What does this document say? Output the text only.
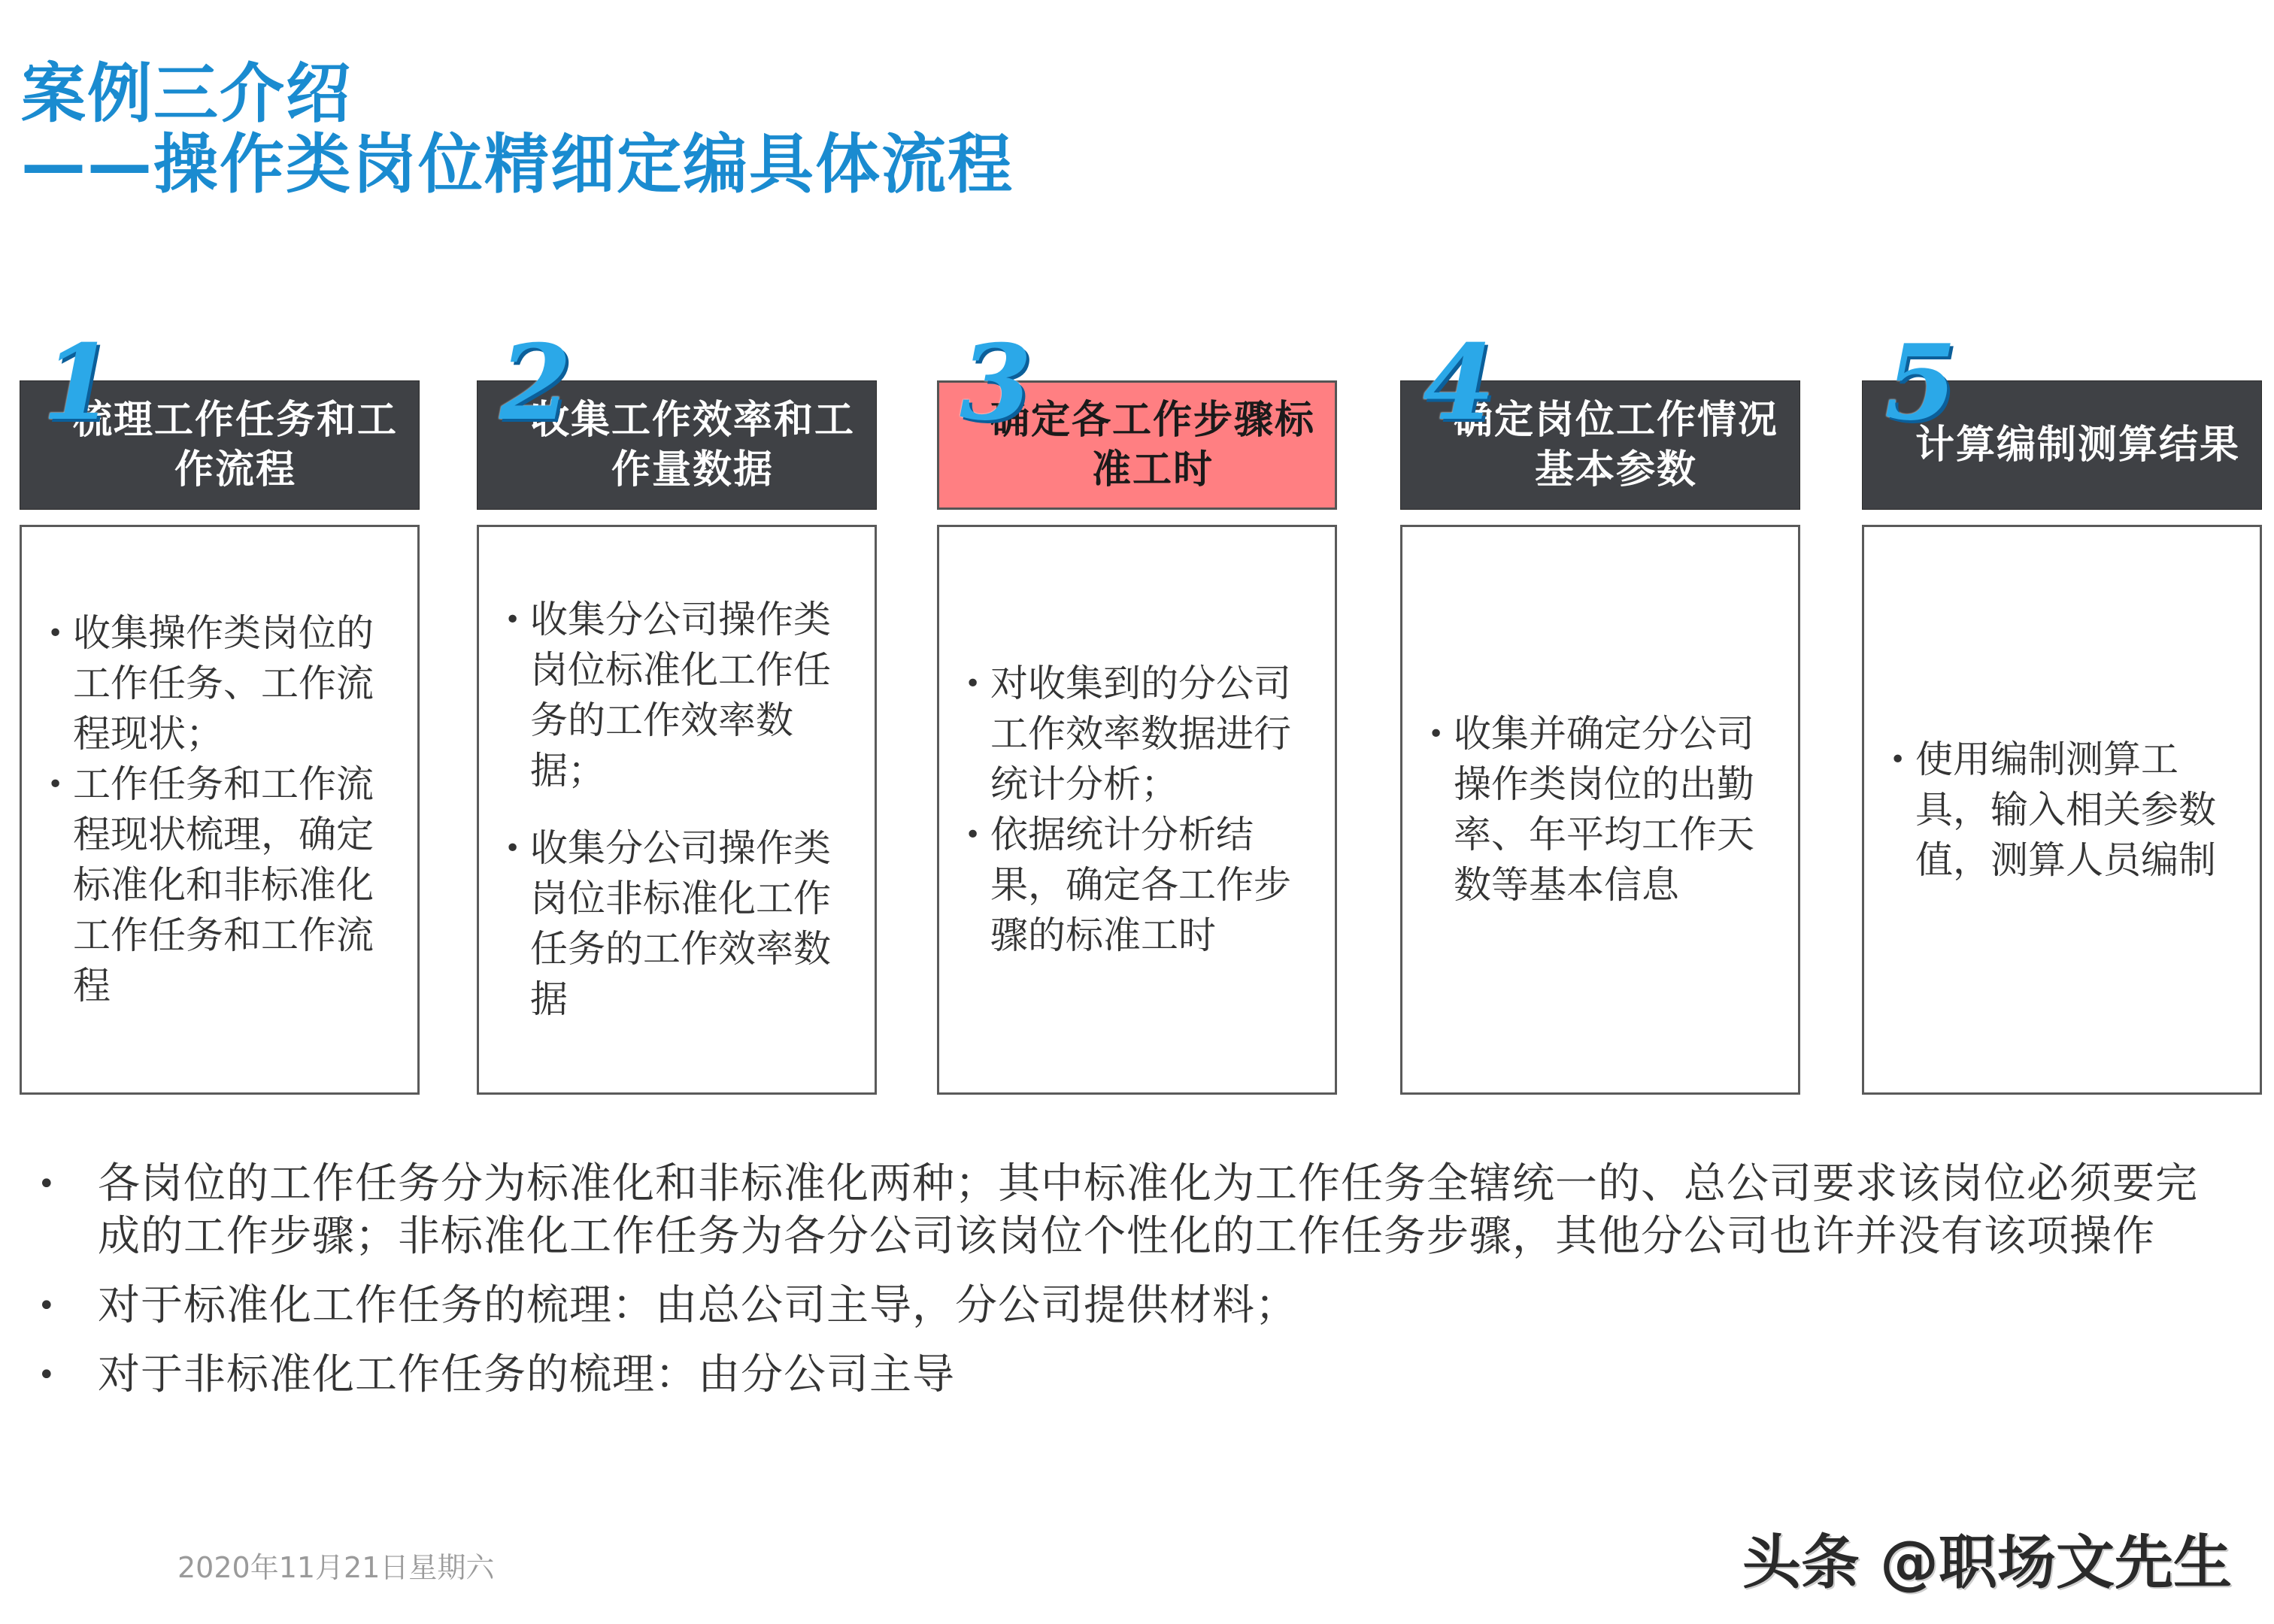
案例三介绍
——操作类岗位精细定编具体流程
1
梳理工作任务和工作流程
• 收集操作类岗位的工作任务、工作流程现状；
• 工作任务和工作流程现状梳理，确定标准化和非标准化工作任务和工作流程
2
收集工作效率和工作量数据
• 收集分公司操作类岗位标准化工作任务的工作效率数据；
• 收集分公司操作类岗位非标准化工作任务的工作效率数据
3
确定各工作步骤标准工时
• 对收集到的分公司工作效率数据进行统计分析；
• 依据统计分析结果，确定各工作步骤的标准工时
4
确定岗位工作情况基本参数
• 收集并确定分公司操作类岗位的出勤率、年平均工作天数等基本信息
5
计算编制测算结果
• 使用编制测算工具，输入相关参数值，测算人员编制
•	各岗位的工作任务分为标准化和非标准化两种；其中标准化为工作任务全辖统一的、总公司要求该岗位必须要完成的工作步骤；非标准化工作任务为各分公司该岗位个性化的工作任务步骤，其他分公司也许并没有该项操作
•	对于标准化工作任务的梳理：由总公司主导，分公司提供材料；
•	对于非标准化工作任务的梳理：由分公司主导
2020年11月21日星期六	头条 @职场文先生
